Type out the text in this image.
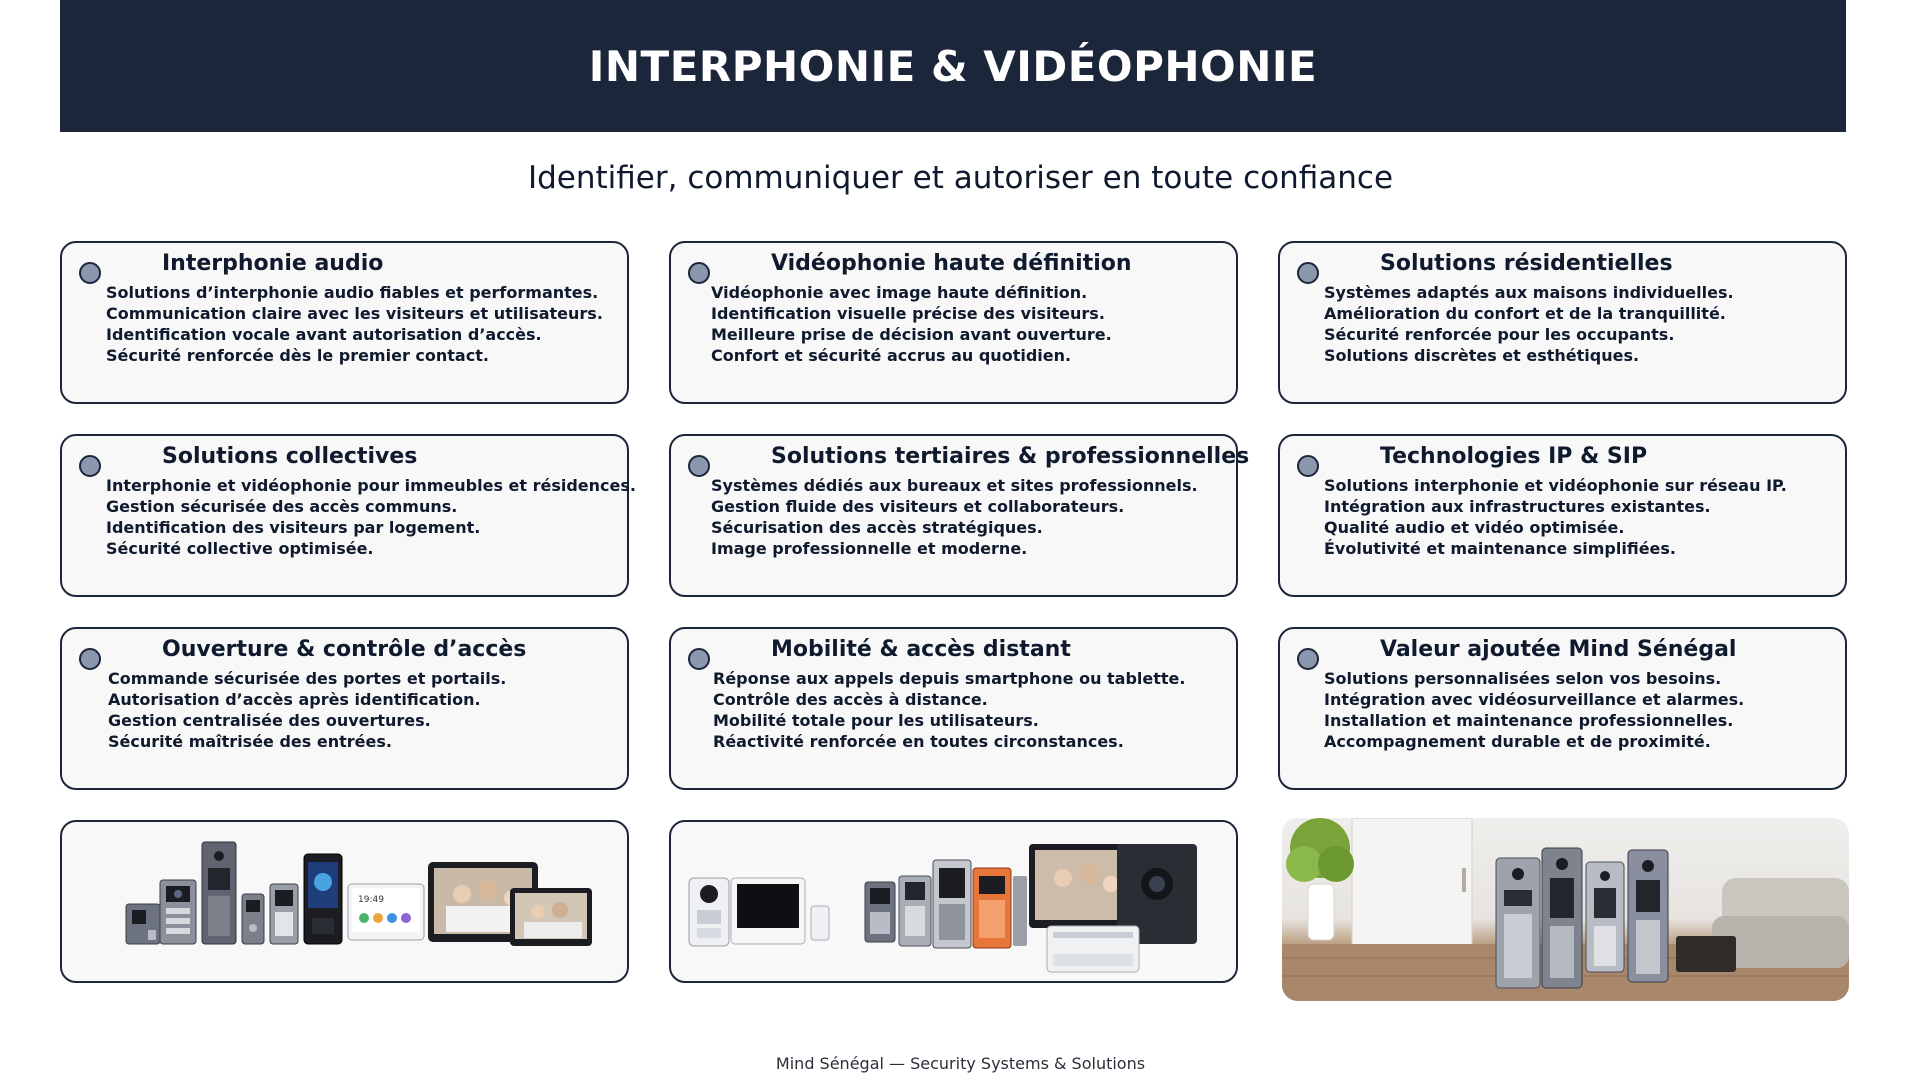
INTERPHONIE & VIDÉOPHONIE
Identifier, communiquer et autoriser en toute confiance
Interphonie audio
Solutions d’interphonie audio fiables et performantes.
Communication claire avec les visiteurs et utilisateurs.
Identification vocale avant autorisation d’accès.
Sécurité renforcée dès le premier contact.
Vidéophonie haute définition
Vidéophonie avec image haute définition.
Identification visuelle précise des visiteurs.
Meilleure prise de décision avant ouverture.
Confort et sécurité accrus au quotidien.
Solutions résidentielles
Systèmes adaptés aux maisons individuelles.
Amélioration du confort et de la tranquillité.
Sécurité renforcée pour les occupants.
Solutions discrètes et esthétiques.
Solutions collectives
Interphonie et vidéophonie pour immeubles et résidences.
Gestion sécurisée des accès communs.
Identification des visiteurs par logement.
Sécurité collective optimisée.
Solutions tertiaires & professionnelles
Systèmes dédiés aux bureaux et sites professionnels.
Gestion fluide des visiteurs et collaborateurs.
Sécurisation des accès stratégiques.
Image professionnelle et moderne.
Technologies IP & SIP
Solutions interphonie et vidéophonie sur réseau IP.
Intégration aux infrastructures existantes.
Qualité audio et vidéo optimisée.
Évolutivité et maintenance simplifiées.
Ouverture & contrôle d’accès
Commande sécurisée des portes et portails.
Autorisation d’accès après identification.
Gestion centralisée des ouvertures.
Sécurité maîtrisée des entrées.
Mobilité & accès distant
Réponse aux appels depuis smartphone ou tablette.
Contrôle des accès à distance.
Mobilité totale pour les utilisateurs.
Réactivité renforcée en toutes circonstances.
Valeur ajoutée Mind Sénégal
Solutions personnalisées selon vos besoins.
Intégration avec vidéosurveillance et alarmes.
Installation et maintenance professionnelles.
Accompagnement durable et de proximité.
19:49
Mind Sénégal — Security Systems & Solutions
